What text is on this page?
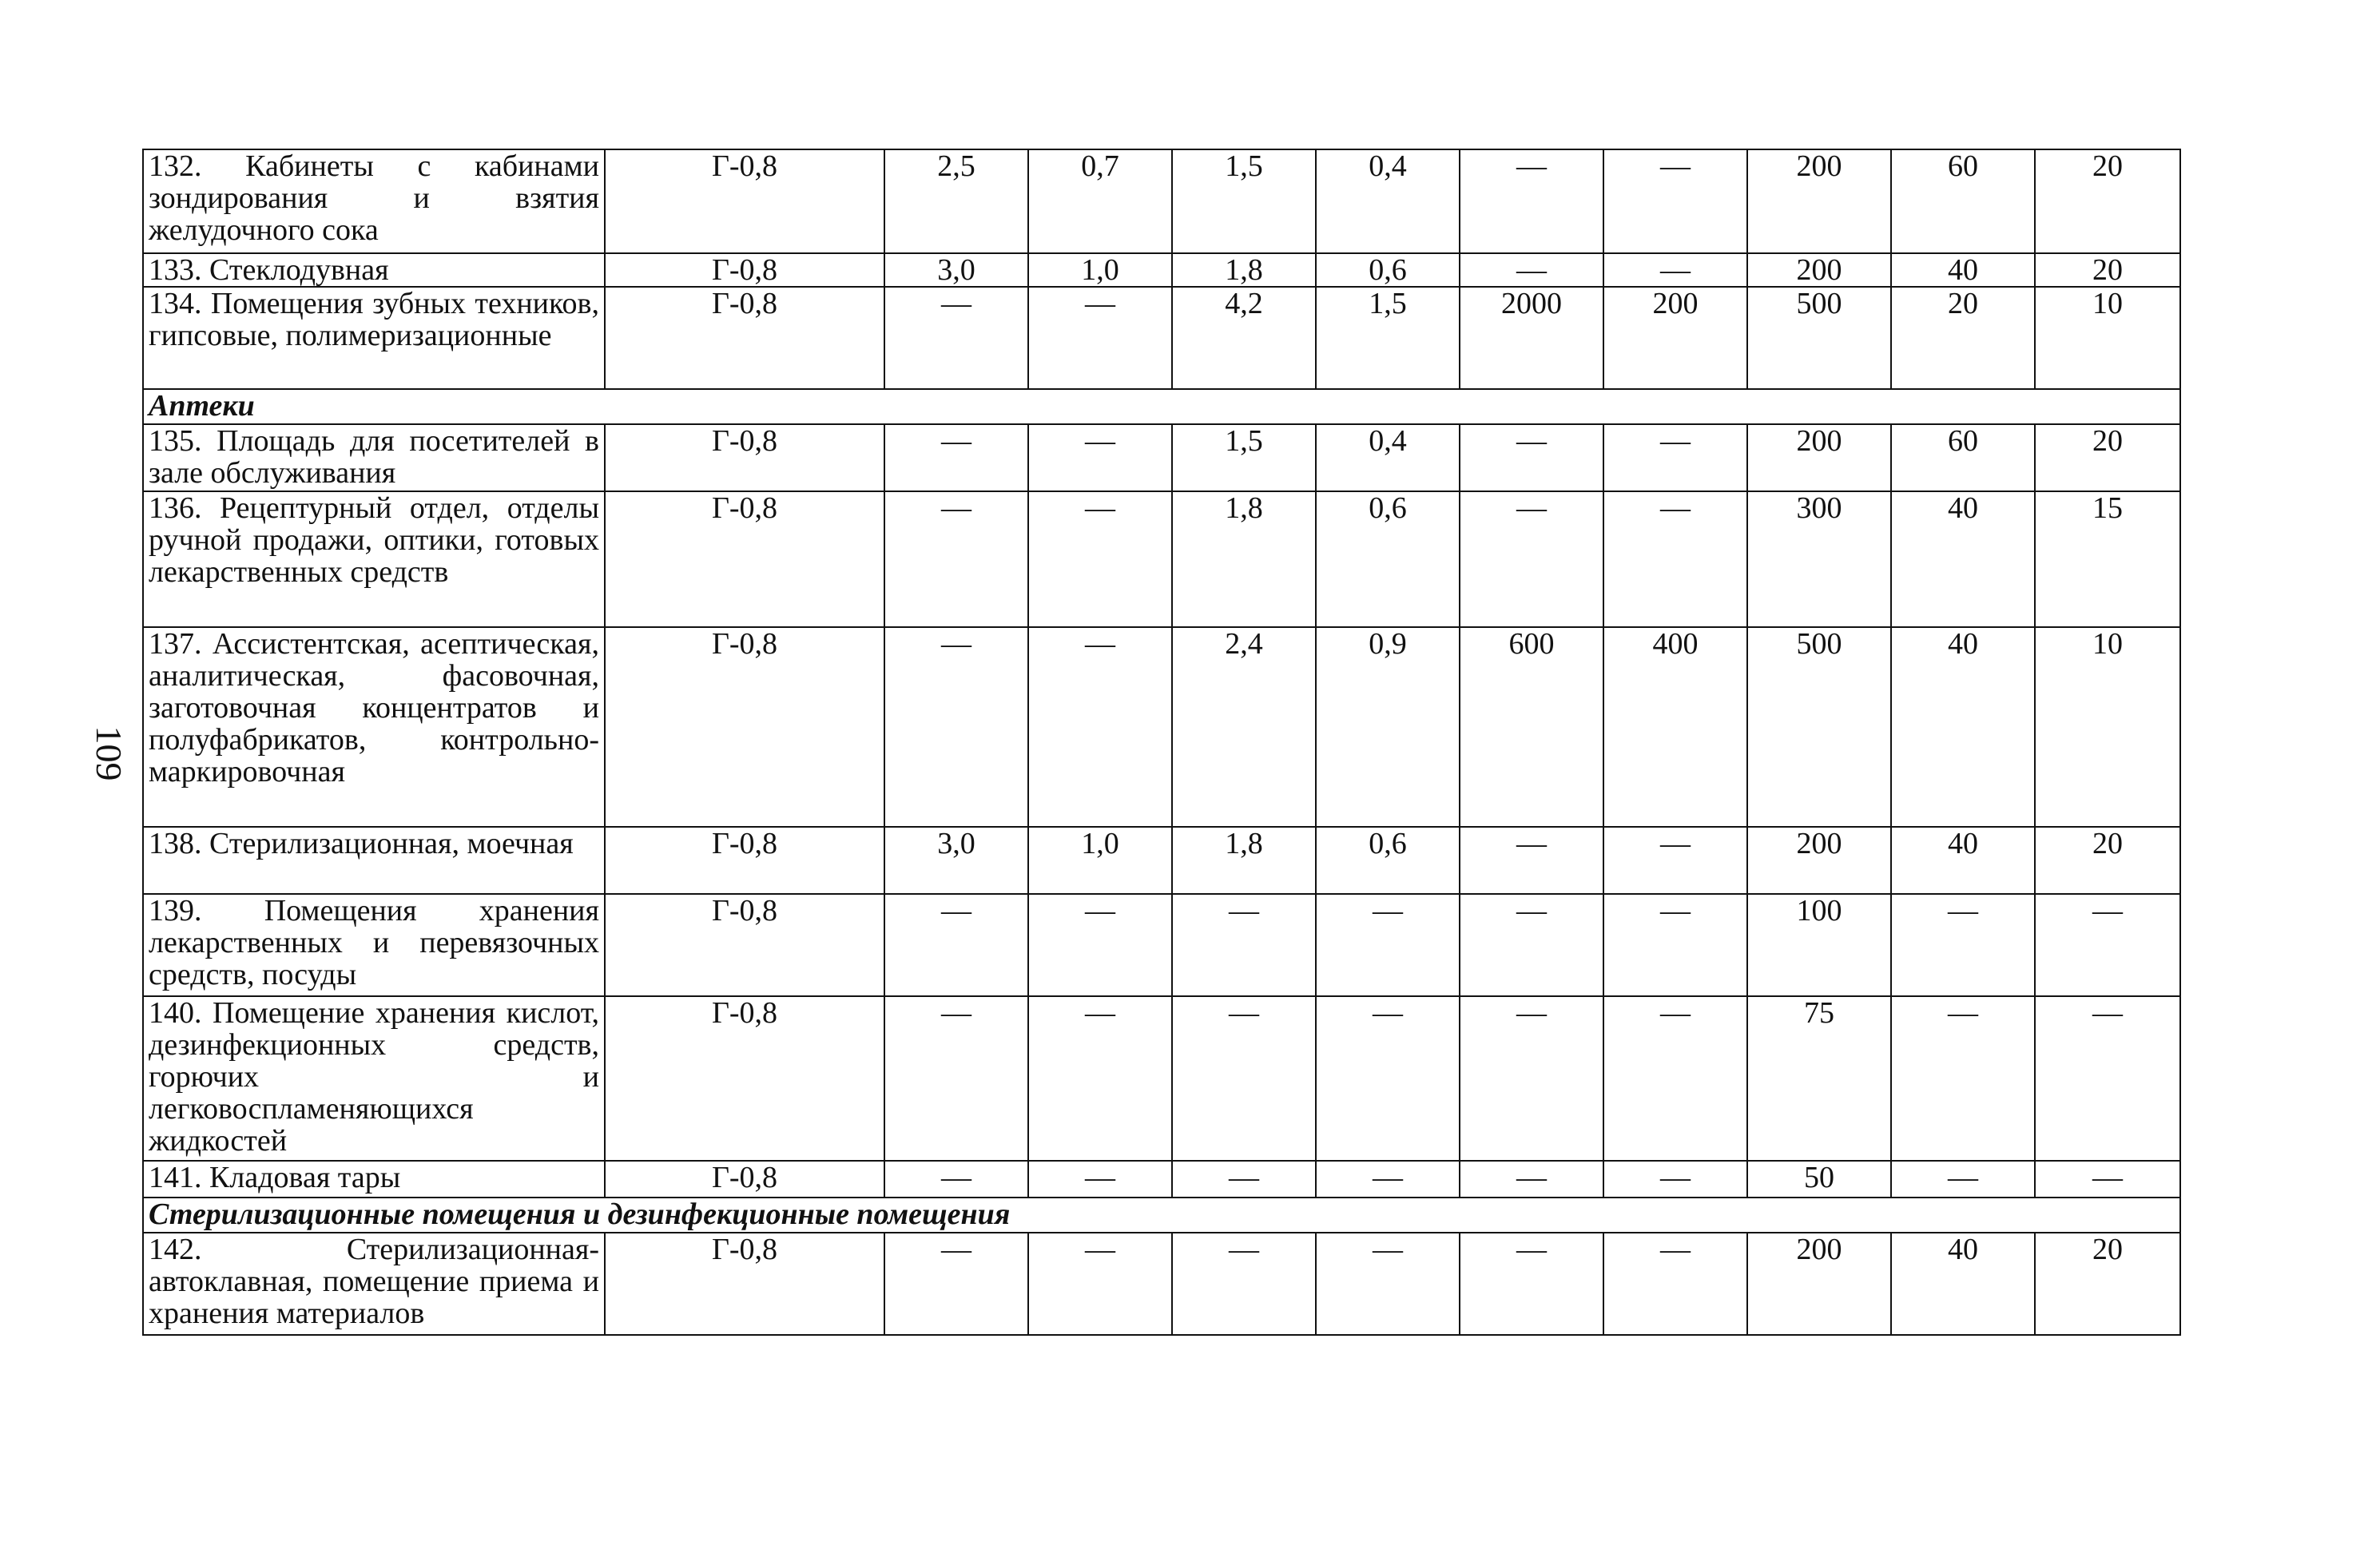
109
132. Кабинеты с кабинами зондирования и взятия желудочного сока	Г-0,8	2,5	0,7	1,5	0,4	—	—	200	60	20
133. Стеклодувная	Г-0,8	3,0	1,0	1,8	0,6	—	—	200	40	20
134. Помещения зубных техников, гипсовые, полимеризационные	Г-0,8	—	—	4,2	1,5	2000	200	500	20	10
Аптеки										
135. Площадь для посетителей в зале обслуживания	Г-0,8	—	—	1,5	0,4	—	—	200	60	20
136. Рецептурный отдел, отделы ручной продажи, оптики, готовых лекарственных средств	Г-0,8	—	—	1,8	0,6	—	—	300	40	15
137. Ассистентская, асептическая, аналитическая, фасовочная, заготовочная концентратов и полуфабрикатов, контрольно-маркировочная	Г-0,8	—	—	2,4	0,9	600	400	500	40	10
138. Стерилизационная, моечная	Г-0,8	3,0	1,0	1,8	0,6	—	—	200	40	20
139. Помещения хранения лекарственных и перевязочных средств, посуды	Г-0,8	—	—	—	—	—	—	100	—	—
140. Помещение хранения кислот, дезинфекционных средств, горючих и легковоспламеняющихся жидкостей	Г-0,8	—	—	—	—	—	—	75	—	—
141. Кладовая тары	Г-0,8	—	—	—	—	—	—	50	—	—
Стерилизационные помещения и дезинфекционные помещения										
142. Стерилизационная-автоклавная, помещение приема и хранения материалов	Г-0,8	—	—	—	—	—	—	200	40	20
